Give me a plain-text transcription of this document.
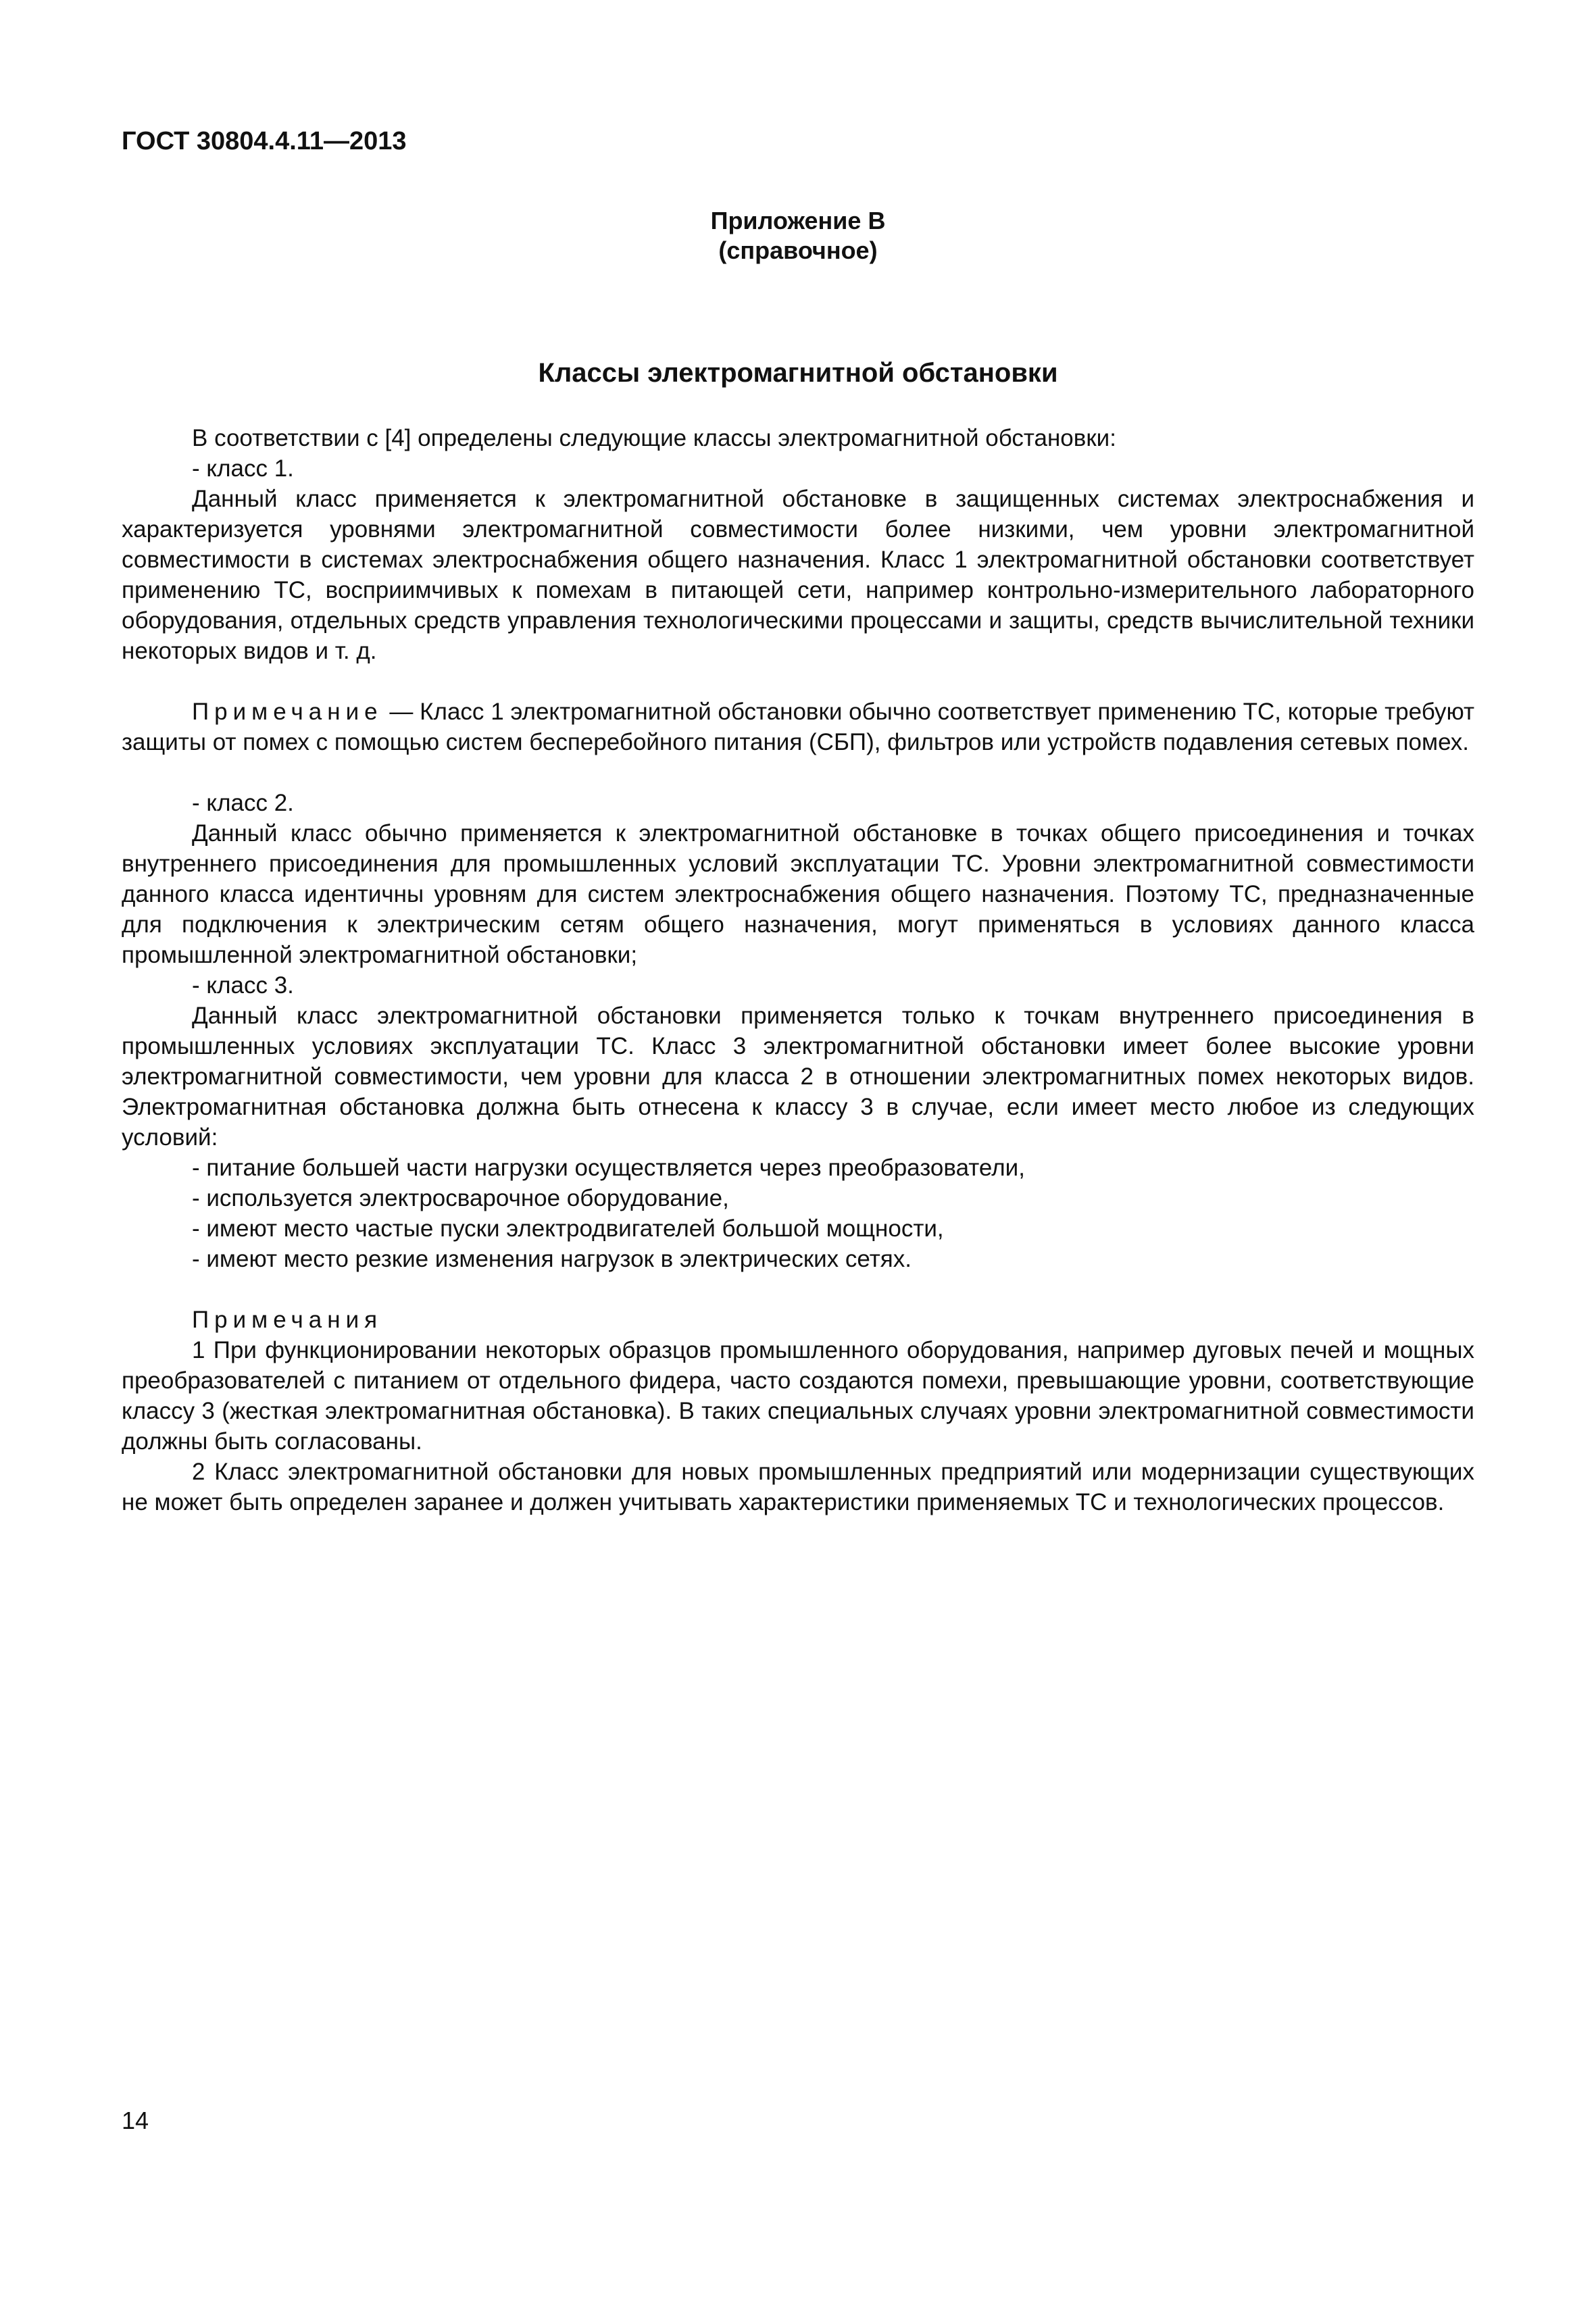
ГОСТ 30804.4.11—2013
Приложение В
(справочное)
Классы электромагнитной обстановки

В соответствии с [4] определены следующие классы электромагнитной обстановки:

- класс 1.

Данный класс применяется к электромагнитной обстановке в защищенных системах электроснабжения и характеризуется уровнями электромагнитной совместимости более низкими, чем уровни электромагнитной совместимости в системах электроснабжения общего назначения. Класс 1 электромагнитной обстановки соответствует применению ТС, восприимчивых к помехам в питающей сети, например контрольно-измерительного лабораторного оборудования, отдельных средств управления технологическими процессами и защиты, средств вычислительной техники некоторых видов и т. д.

Примечание — Класс 1 электромагнитной обстановки обычно соответствует применению ТС, которые требуют защиты от помех с помощью систем бесперебойного питания (СБП), фильтров или устройств подавления сетевых помех.

- класс 2.

Данный класс обычно применяется к электромагнитной обстановке в точках общего присоединения и точках внутреннего присоединения для промышленных условий эксплуатации ТС. Уровни электромагнитной совместимости данного класса идентичны уровням для систем электроснабжения общего назначения. Поэтому ТС, предназначенные для подключения к электрическим сетям общего назначения, могут применяться в условиях данного класса промышленной электромагнитной обстановки;

- класс 3.

Данный класс электромагнитной обстановки применяется только к точкам внутреннего присоединения в промышленных условиях эксплуатации ТС. Класс 3 электромагнитной обстановки имеет более высокие уровни электромагнитной совместимости, чем уровни для класса 2 в отношении электромагнитных помех некоторых видов. Электромагнитная обстановка должна быть отнесена к классу 3 в случае, если имеет место любое из следующих условий:

- питание большей части нагрузки осуществляется через преобразователи,

- используется электросварочное оборудование,

- имеют место частые пуски электродвигателей большой мощности,

- имеют место резкие изменения нагрузок в электрических сетях.

Примечания

1 При функционировании некоторых образцов промышленного оборудования, например дуговых печей и мощных преобразователей с питанием от отдельного фидера, часто создаются помехи, превышающие уровни, соответствующие классу 3 (жесткая электромагнитная обстановка). В таких специальных случаях уровни электромагнитной совместимости должны быть согласованы.

2 Класс электромагнитной обстановки для новых промышленных предприятий или модернизации существующих не может быть определен заранее и должен учитывать характеристики применяемых ТС и технологических процессов.

14
